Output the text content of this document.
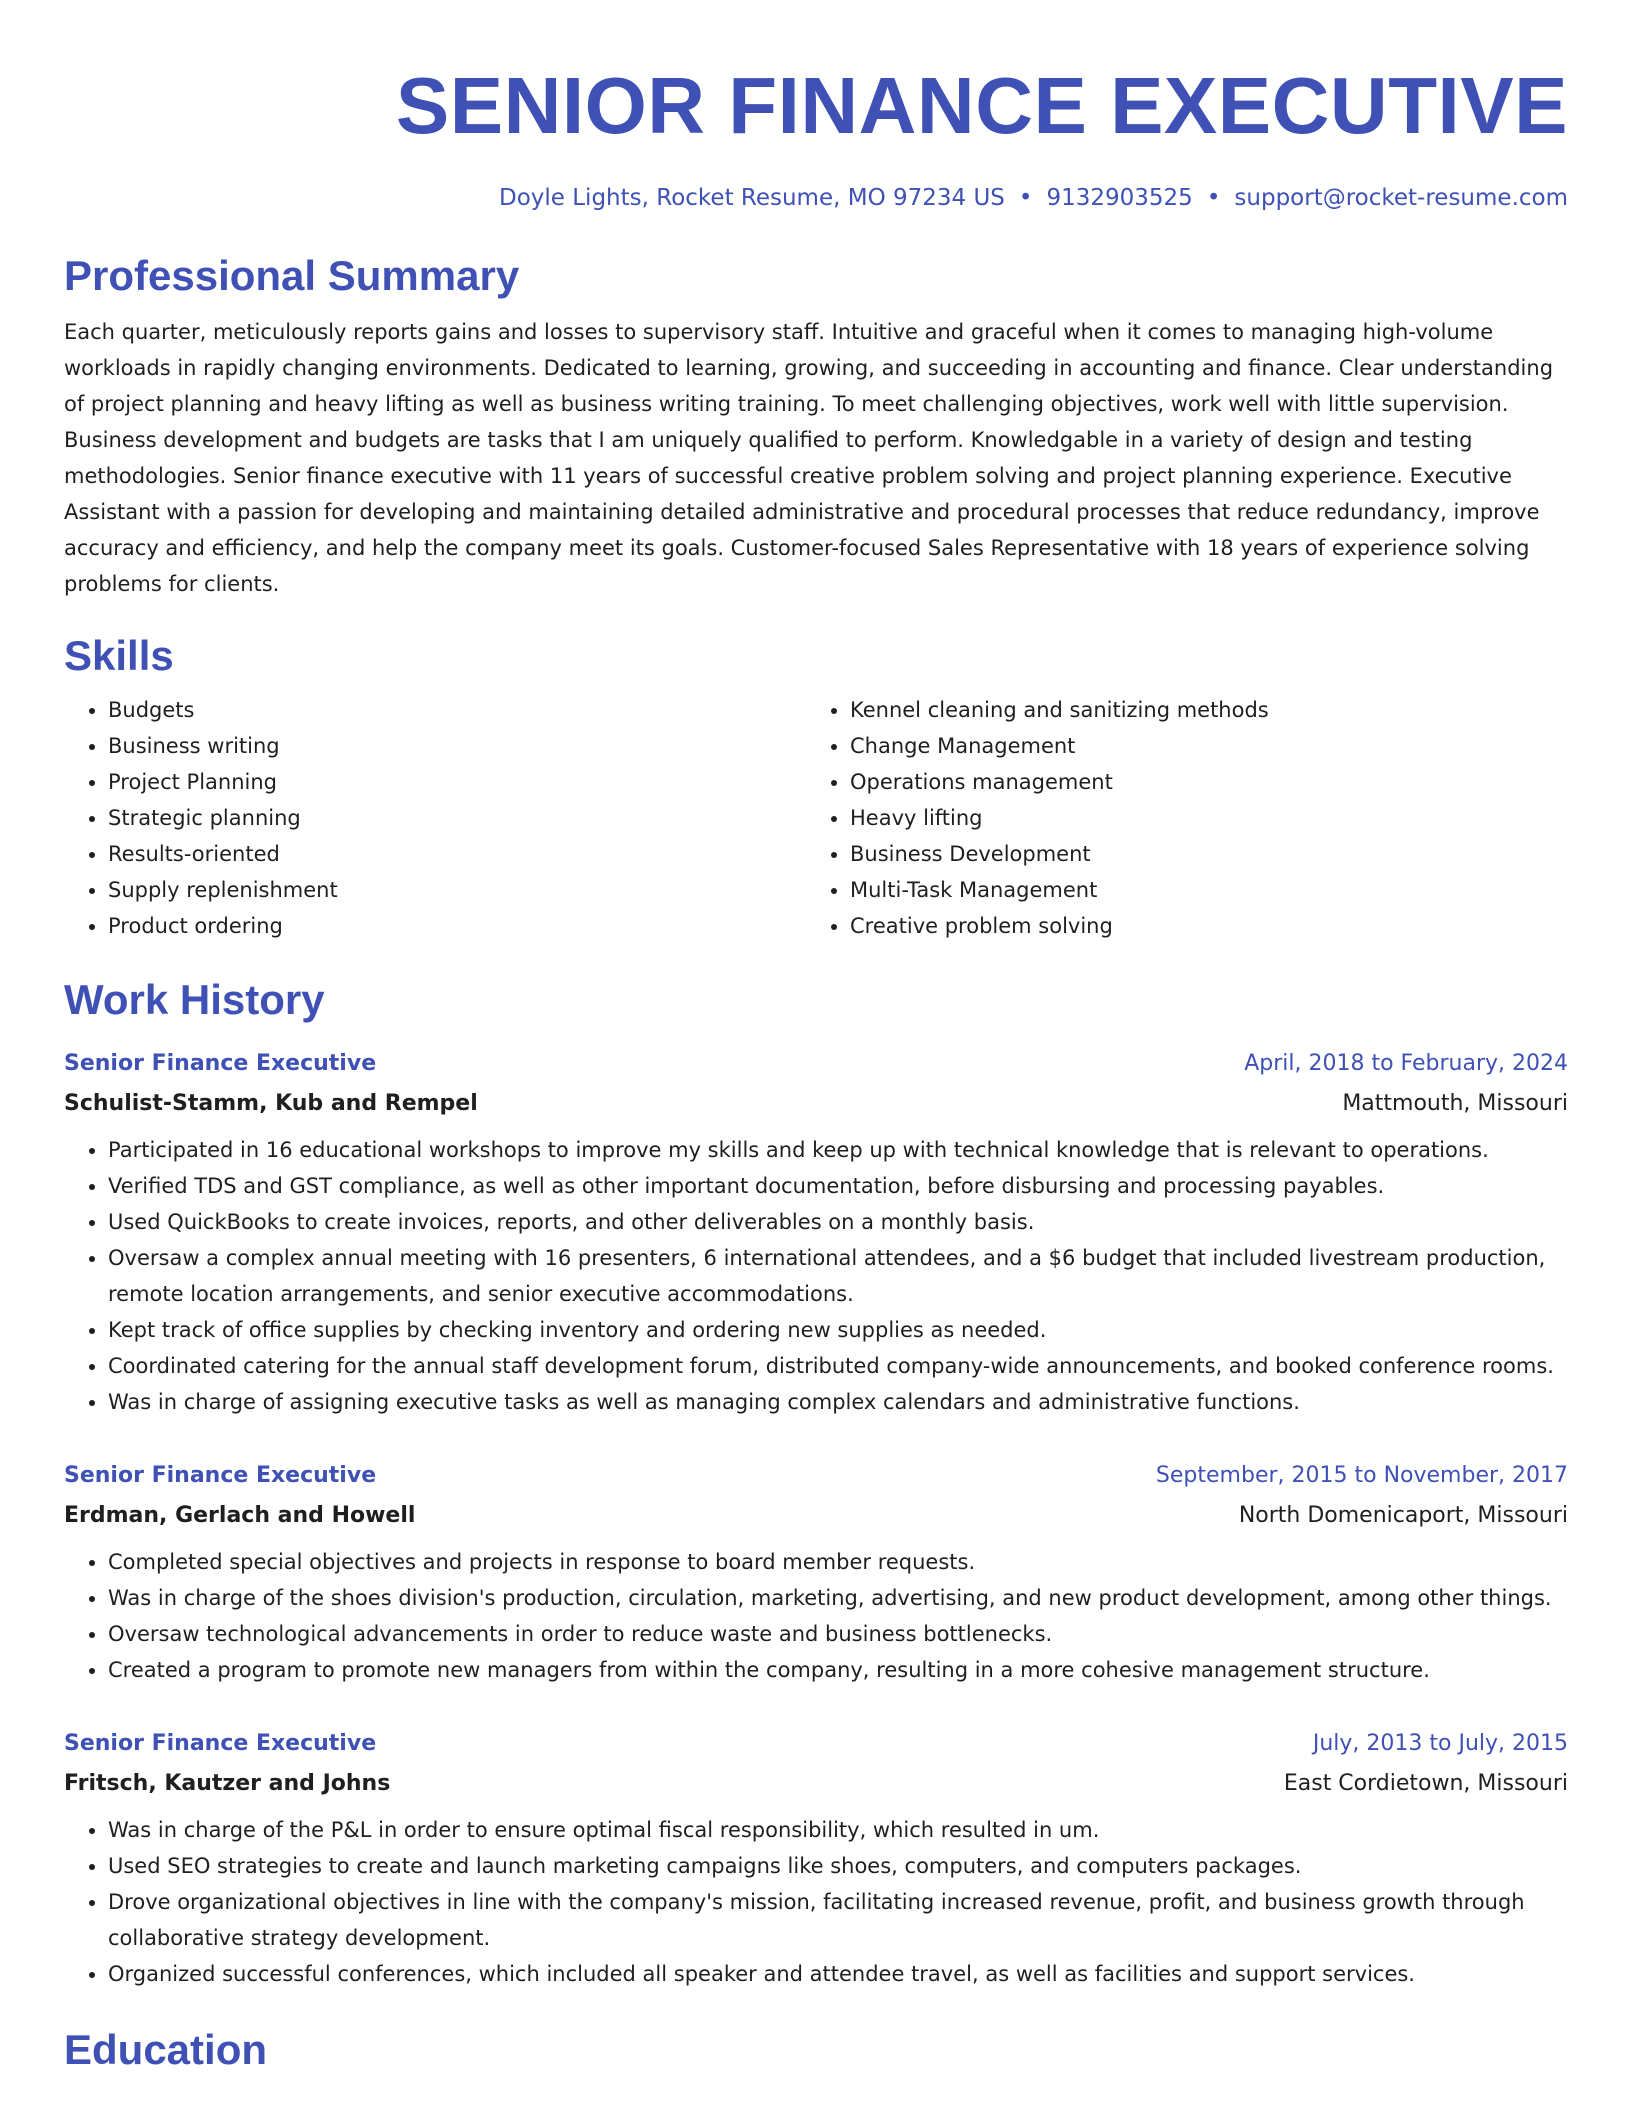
SENIOR FINANCE EXECUTIVE
Doyle Lights, Rocket Resume, MO 97234 US • 9132903525 • support@rocket-resume.com
Professional Summary
Each quarter, meticulously reports gains and losses to supervisory staff. Intuitive and graceful when it comes to managing high-volume workloads in rapidly changing environments. Dedicated to learning, growing, and succeeding in accounting and finance. Clear understanding of project planning and heavy lifting as well as business writing training. To meet challenging objectives, work well with little supervision. Business development and budgets are tasks that I am uniquely qualified to perform. Knowledgable in a variety of design and testing methodologies. Senior finance executive with 11 years of successful creative problem solving and project planning experience. Executive Assistant with a passion for developing and maintaining detailed administrative and procedural processes that reduce redundancy, improve accuracy and efficiency, and help the company meet its goals. Customer-focused Sales Representative with 18 years of experience solving problems for clients.
Skills
• Budgets
• Business writing
• Project Planning
• Strategic planning
• Results-oriented
• Supply replenishment
• Product ordering
• Kennel cleaning and sanitizing methods
• Change Management
• Operations management
• Heavy lifting
• Business Development
• Multi-Task Management
• Creative problem solving
Work History
Senior Finance Executive	April, 2018 to February, 2024
Schulist-Stamm, Kub and Rempel	Mattmouth, Missouri
• Participated in 16 educational workshops to improve my skills and keep up with technical knowledge that is relevant to operations.
• Verified TDS and GST compliance, as well as other important documentation, before disbursing and processing payables.
• Used QuickBooks to create invoices, reports, and other deliverables on a monthly basis.
• Oversaw a complex annual meeting with 16 presenters, 6 international attendees, and a $6 budget that included livestream production, remote location arrangements, and senior executive accommodations.
• Kept track of office supplies by checking inventory and ordering new supplies as needed.
• Coordinated catering for the annual staff development forum, distributed company-wide announcements, and booked conference rooms.
• Was in charge of assigning executive tasks as well as managing complex calendars and administrative functions.
Senior Finance Executive	September, 2015 to November, 2017
Erdman, Gerlach and Howell	North Domenicaport, Missouri
• Completed special objectives and projects in response to board member requests.
• Was in charge of the shoes division's production, circulation, marketing, advertising, and new product development, among other things.
• Oversaw technological advancements in order to reduce waste and business bottlenecks.
• Created a program to promote new managers from within the company, resulting in a more cohesive management structure.
Senior Finance Executive	July, 2013 to July, 2015
Fritsch, Kautzer and Johns	East Cordietown, Missouri
• Was in charge of the P&L in order to ensure optimal fiscal responsibility, which resulted in um.
• Used SEO strategies to create and launch marketing campaigns like shoes, computers, and computers packages.
• Drove organizational objectives in line with the company's mission, facilitating increased revenue, profit, and business growth through collaborative strategy development.
• Organized successful conferences, which included all speaker and attendee travel, as well as facilities and support services.
Education
